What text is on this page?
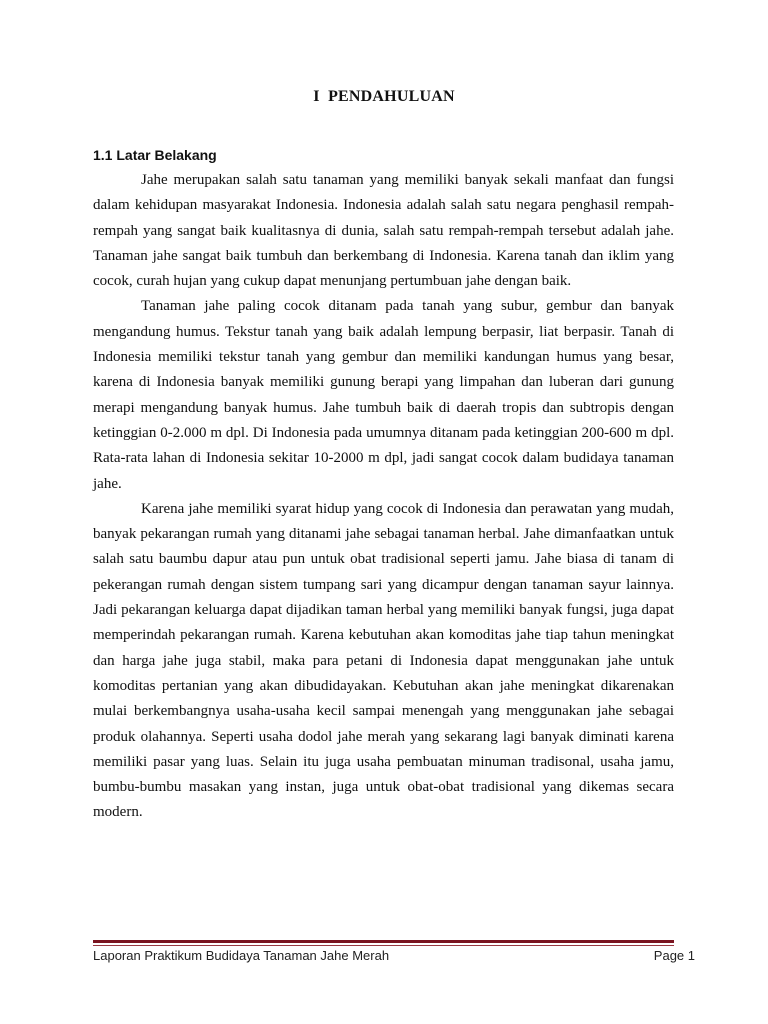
I  PENDAHULUAN
1.1 Latar Belakang

Jahe merupakan salah satu tanaman yang memiliki banyak sekali manfaat dan fungsi dalam kehidupan masyarakat Indonesia. Indonesia adalah salah satu negara penghasil rempah-rempah yang sangat baik kualitasnya di dunia, salah satu rempah-rempah tersebut adalah jahe. Tanaman jahe sangat baik tumbuh dan berkembang di Indonesia. Karena tanah dan iklim yang cocok, curah hujan yang cukup dapat menunjang pertumbuan jahe dengan baik.

Tanaman jahe paling cocok ditanam pada tanah yang subur, gembur dan banyak mengandung humus. Tekstur tanah yang baik adalah lempung berpasir, liat berpasir. Tanah di Indonesia memiliki tekstur tanah yang gembur dan memiliki kandungan humus yang besar, karena di Indonesia banyak memiliki gunung berapi yang limpahan dan luberan dari gunung merapi mengandung banyak humus. Jahe tumbuh baik di daerah tropis dan subtropis dengan ketinggian 0-2.000 m dpl. Di Indonesia pada umumnya ditanam pada ketinggian 200-600 m dpl. Rata-rata lahan di Indonesia sekitar 10-2000 m dpl, jadi sangat cocok dalam budidaya tanaman jahe.

Karena jahe memiliki syarat hidup yang cocok di Indonesia dan perawatan yang mudah, banyak pekarangan rumah yang ditanami jahe sebagai tanaman herbal. Jahe dimanfaatkan untuk salah satu baumbu dapur atau pun untuk obat tradisional seperti jamu. Jahe biasa di tanam di pekerangan rumah dengan sistem tumpang sari yang dicampur dengan tanaman sayur lainnya. Jadi pekarangan keluarga dapat dijadikan taman herbal yang memiliki banyak fungsi, juga dapat memperindah pekarangan rumah. Karena kebutuhan akan komoditas jahe tiap tahun meningkat dan harga jahe juga stabil, maka para petani di Indonesia dapat menggunakan jahe untuk komoditas pertanian yang akan dibudidayakan. Kebutuhan akan jahe meningkat dikarenakan mulai berkembangnya usaha-usaha kecil sampai menengah yang menggunakan jahe sebagai produk olahannya. Seperti usaha dodol jahe merah yang sekarang lagi banyak diminati karena memiliki pasar yang luas. Selain itu juga usaha pembuatan minuman tradisonal, usaha jamu, bumbu-bumbu masakan yang instan, juga untuk obat-obat tradisional yang dikemas secara modern.

Laporan Praktikum Budidaya Tanaman Jahe Merah	Page 1
